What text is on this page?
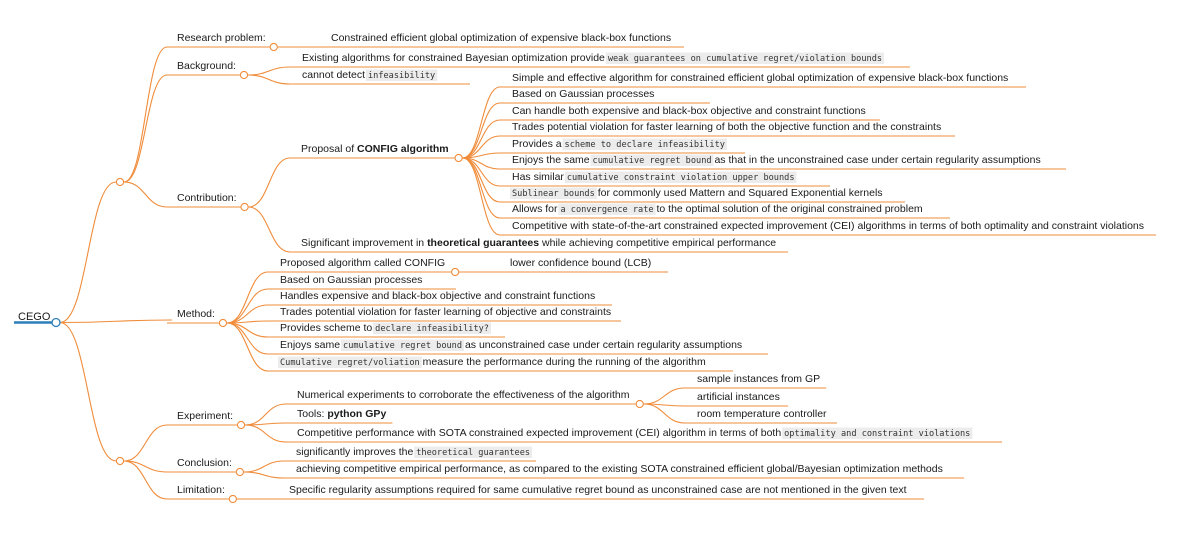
CEGO
Research problem:	Constrained efficient global optimization of expensive black-box functions
Background:
Existing algorithms for constrained Bayesian optimization provide weak guarantees on cumulative regret/violation bounds
cannot detect infeasibility
Contribution:
Proposal of CONFIG algorithm
Simple and effective algorithm for constrained efficient global optimization of expensive black-box functions
Based on Gaussian processes
Can handle both expensive and black-box objective and constraint functions
Trades potential violation for faster learning of both the objective function and the constraints
Provides a scheme to declare infeasibility
Enjoys the same cumulative regret bound as that in the unconstrained case under certain regularity assumptions
Has similar cumulative constraint violation upper bounds
Sublinear bounds for commonly used Mattern and Squared Exponential kernels
Allows for a convergence rate to the optimal solution of the original constrained problem
Competitive with state-of-the-art constrained expected improvement (CEI) algorithms in terms of both optimality and constraint violations
Significant improvement in theoretical guarantees while achieving competitive empirical performance
Method:
Proposed algorithm called CONFIG	lower confidence bound (LCB)
Based on Gaussian processes
Handles expensive and black-box objective and constraint functions
Trades potential violation for faster learning of objective and constraints
Provides scheme to declare infeasibility?
Enjoys same cumulative regret bound as unconstrained case under certain regularity assumptions
Cumulative regret/voliation measure the performance during the running of the algorithm
Experiment:
Numerical experiments to corroborate the effectiveness of the algorithm
sample instances from GP
artificial instances
room temperature controller
Tools: python GPy
Competitive performance with SOTA constrained expected improvement (CEI) algorithm in terms of both optimality and constraint violations
Conclusion:
significantly improves the theoretical guarantees
achieving competitive empirical performance, as compared to the existing SOTA constrained efficient global/Bayesian optimization methods
Limitation:	Specific regularity assumptions required for same cumulative regret bound as unconstrained case are not mentioned in the given text
